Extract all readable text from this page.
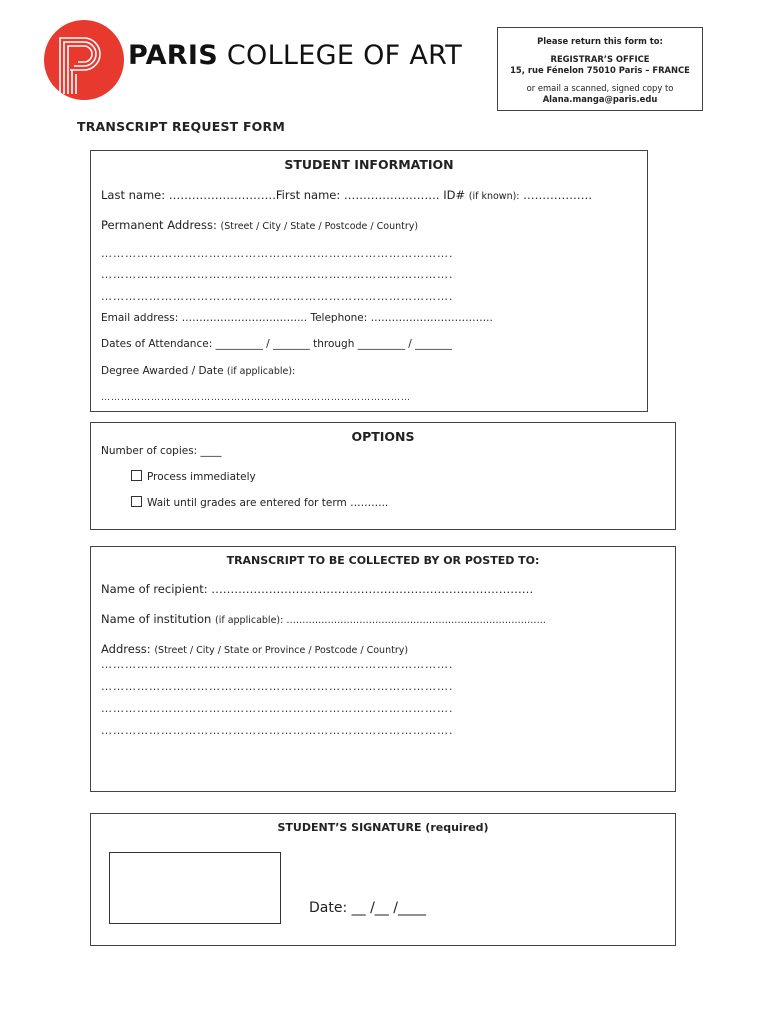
PARIS COLLEGE OF ART	Please return this form to:
REGISTRAR’S OFFICE
15, rue Fénelon 75010 Paris – FRANCE
or email a scanned, signed copy to
Alana.manga@paris.edu
TRANSCRIPT REQUEST FORM
STUDENT INFORMATION
Last name: ……………………….First name: ……………………. ID# (if known): ………………
Permanent Address: (Street / City / State / Postcode / Country)
…………………………………………………………………………….
…………………………………………………………………………….
…………………………………………………………………………….
Email address: ……………………………... Telephone: ……………………………..
Dates of Attendance: _________ / _______ through _________ / _______
Degree Awarded / Date (if applicable):
…………………………………………………………………………………
OPTIONS
Number of copies: ____
Process immediately
Wait until grades are entered for term ………..
TRANSCRIPT TO BE COLLECTED BY OR POSTED TO:
Name of recipient: …………………………………………………………………………
Name of institution (if applicable): ……………………………………………………………………….
Address: (Street / City / State or Province / Postcode / Country)
…………………………………………………………………………….
…………………………………………………………………………….
…………………………………………………………………………….
…………………………………………………………………………….
STUDENT’S SIGNATURE (required)
Date: __ /__ /____
